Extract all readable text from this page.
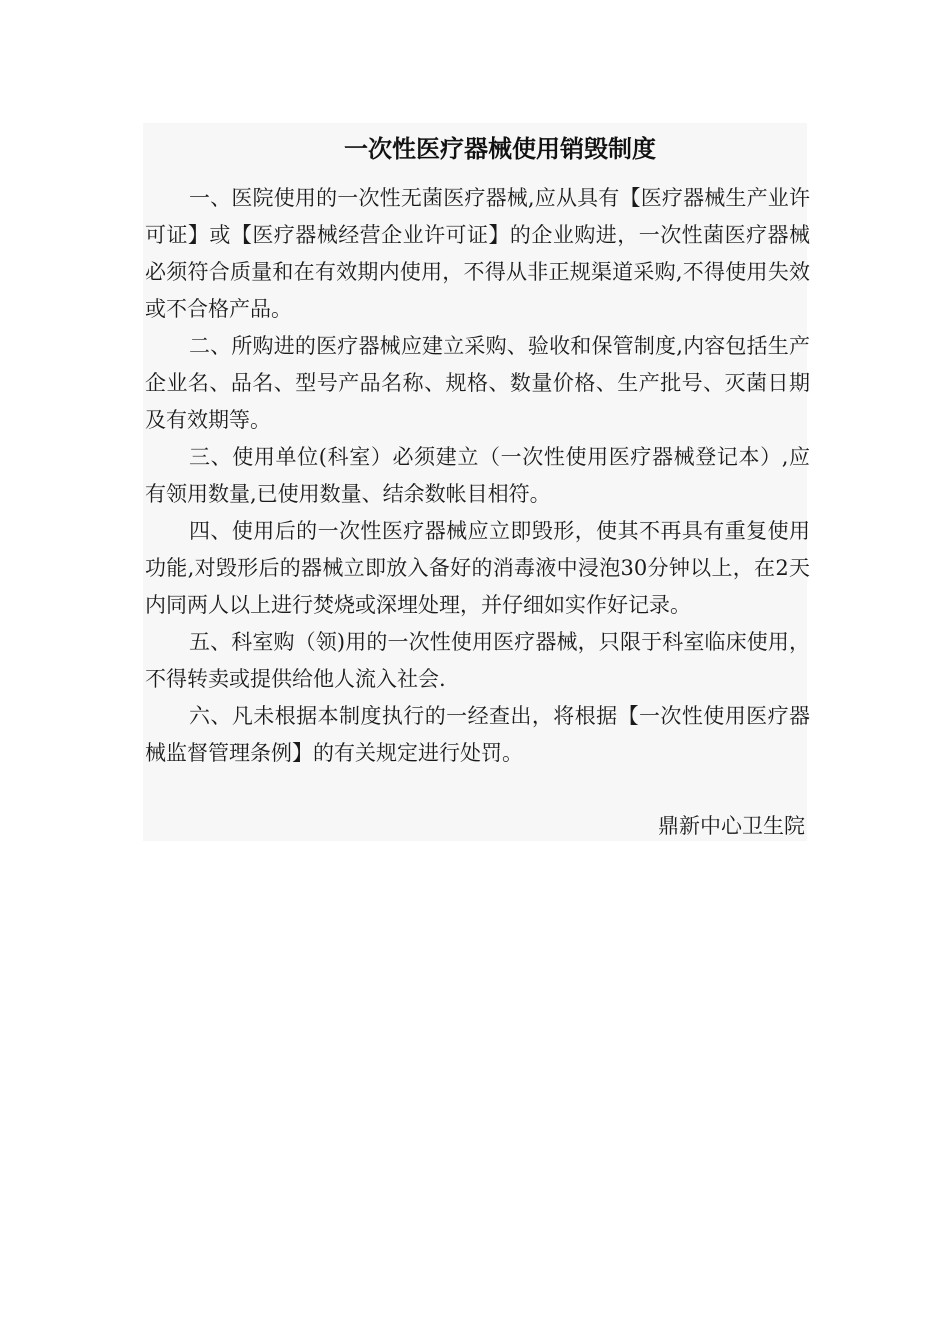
一次性医疗器械使用销毁制度

一、医院使用的一次性无菌医疗器械,应从具有【医疗器械生产业许可证】或【医疗器械经营企业许可证】的企业购进，一次性菌医疗器械必须符合质量和在有效期内使用，不得从非正规渠道采购,不得使用失效或不合格产品。

二、所购进的医疗器械应建立采购、验收和保管制度,内容包括生产企业名、品名、型号产品名称、规格、数量价格、生产批号、灭菌日期及有效期等。

三、使用单位(科室）必须建立（一次性使用医疗器械登记本）,应有领用数量,已使用数量、结余数帐目相符。

四、使用后的一次性医疗器械应立即毁形，使其不再具有重复使用功能,对毁形后的器械立即放入备好的消毒液中浸泡30分钟以上，在2天内同两人以上进行焚烧或深埋处理，并仔细如实作好记录。

五、科室购（领)用的一次性使用医疗器械，只限于科室临床使用，不得转卖或提供给他人流入社会.

六、凡未根据本制度执行的一经查出，将根据【一次性使用医疗器械监督管理条例】的有关规定进行处罚。

鼎新中心卫生院
